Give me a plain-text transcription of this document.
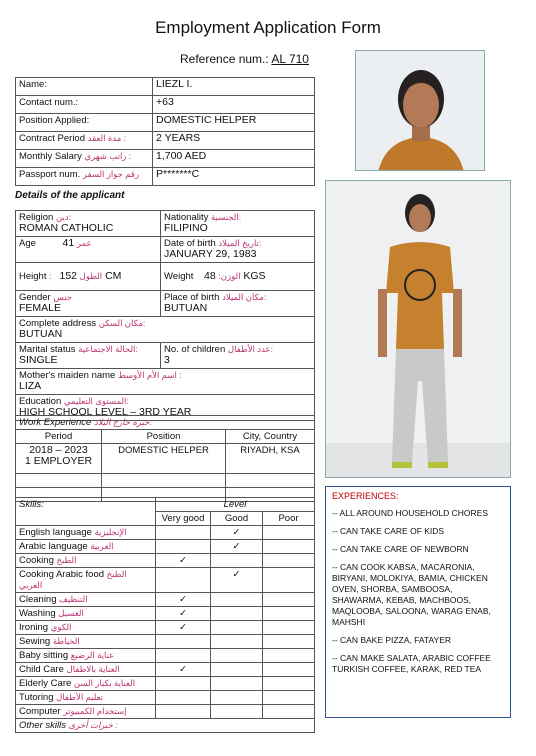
Employment Application Form
Reference num.: AL 710
Name:	LIEZL I.
Contact num.:	+63
Position Applied:	DOMESTIC HELPER
Contract Period مدة العقد :	2 YEARS
Monthly Salary راتب شهري :	1,700 AED
Passport num. رقم جواز السفر	P*******C
Details of the applicant
Religion دين:
ROMAN CATHOLIC	Nationality الجنسية:
FILIPINO
Age عمر 41	Date of birth تاريخ الميلاد:
JANUARY 29, 1983
Height :الطول 152 CM	Weight الوزن: 48 KGS
Gender جنس
FEMALE	Place of birth مكان الميلاد:
BUTUAN
Complete address مكان السكن:
BUTUAN	
Marital status الحالة الاجتماعية:
SINGLE	No. of children عدد الأطفال:
3
Mother's maiden name اسم الأم الأوسط :
LIZA	
Education المستوى التعليمي:
HIGH SCHOOL LEVEL – 3RD YEAR	
Work Experience خبرة خارج البلاد:		
Period	Position	City, Country
2018 – 2023
1 EMPLOYER	DOMESTIC HELPER	RIYADH, KSA

Skills:	Level		
	Very good	Good	Poor
English language الإنجليزية		✓	
Arabic language العربية		✓	
Cooking الطبخ	✓		
Cooking Arabic food الطبخ العربي		✓	
Cleaning التنظيف	✓		
Washing الغسيل	✓		
Ironing الكوي	✓		
Sewing الخياطة			
Baby sitting عناية الرضيع			
Child Care العناية بالاطفال	✓		
Elderly Care العناية بكبار السن			
Tutoring تعليم الأطفال			
Computer إستخدام الكمبيوتر			
Other skills خبرات أخرى :			
EXPERIENCES:
-- ALL AROUND HOUSEHOLD CHORES
-- CAN TAKE CARE OF KIDS
-- CAN TAKE CARE OF NEWBORN
-- CAN COOK KABSA, MACARONIA, BIRYANI, MOLOKIYA, BAMIA, CHICKEN OVEN, SHORBA, SAMBOOSA, SHAWARMA, KEBAB, MACHBOOS, MAQLOOBA, SALOONA, WARAG ENAB, MAHSHI
-- CAN BAKE PIZZA, FATAYER
-- CAN MAKE SALATA, ARABIC COFFEE TURKISH COFFEE, KARAK, RED TEA
